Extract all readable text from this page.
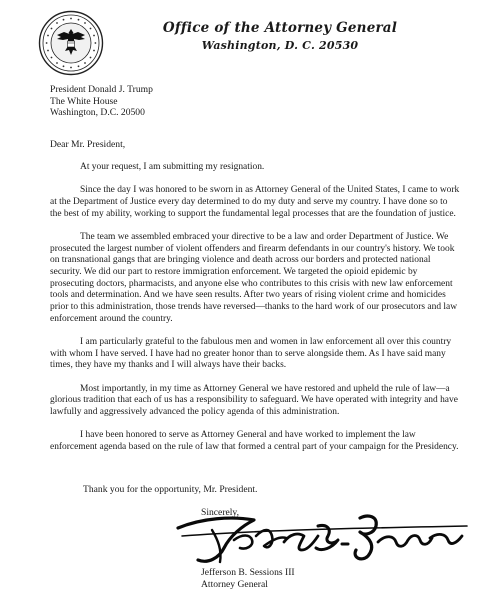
Office of the Attorney General
Washington, D. C. 20530
President Donald J. Trump
The White House
Washington, D.C. 20500
Dear Mr. President,

At your request, I am submitting my resignation.

Since the day I was honored to be sworn in as Attorney General of the United States, I came to work at the Department of Justice every day determined to do my duty and serve my country. I have done so to the best of my ability, working to support the fundamental legal processes that are the foundation of justice.

The team we assembled embraced your directive to be a law and order Department of Justice. We prosecuted the largest number of violent offenders and firearm defendants in our country's history. We took on transnational gangs that are bringing violence and death across our borders and protected national security. We did our part to restore immigration enforcement. We targeted the opioid epidemic by prosecuting doctors, pharmacists, and anyone else who contributes to this crisis with new law enforcement tools and determination. And we have seen results. After two years of rising violent crime and homicides prior to this administration, those trends have reversed—thanks to the hard work of our prosecutors and law enforcement around the country.

I am particularly grateful to the fabulous men and women in law enforcement all over this country with whom I have served. I have had no greater honor than to serve alongside them. As I have said many times, they have my thanks and I will always have their backs.

Most importantly, in my time as Attorney General we have restored and upheld the rule of law—a glorious tradition that each of us has a responsibility to safeguard. We have operated with integrity and have lawfully and aggressively advanced the policy agenda of this administration.

I have been honored to serve as Attorney General and have worked to implement the law enforcement agenda based on the rule of law that formed a central part of your campaign for the Presidency.

Thank you for the opportunity, Mr. President.
Sincerely,
Jefferson B. Sessions III
Attorney General
